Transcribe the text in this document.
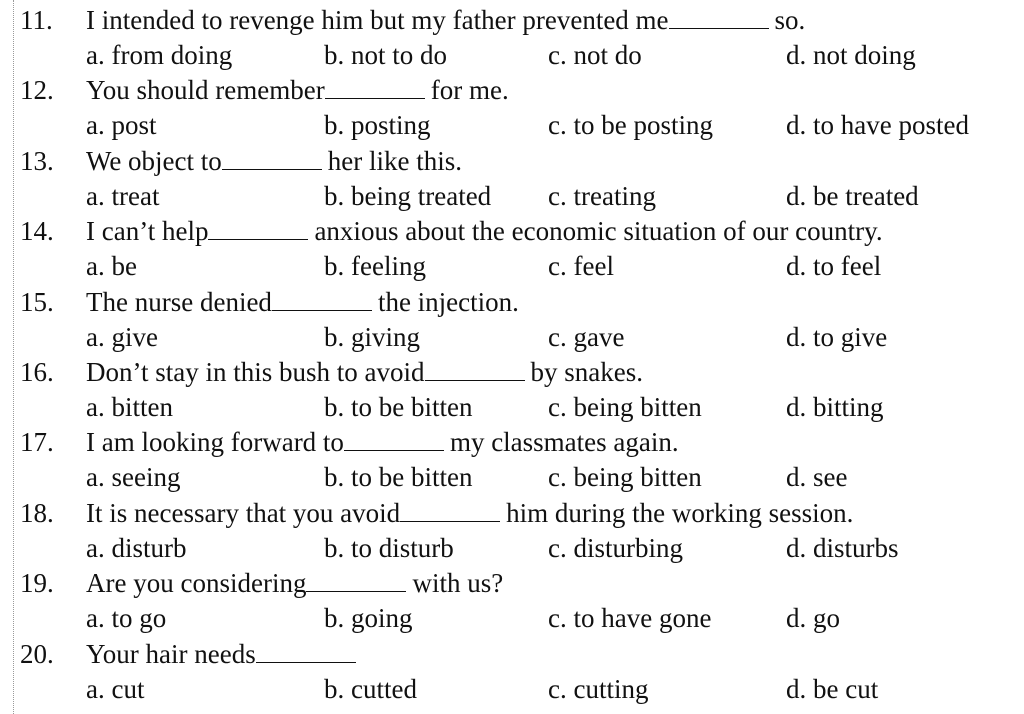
11. I intended to revenge him but my father prevented me	so.
a. from doing	b. not to do	c. not do	d. not doing
12. You should remember	for me.
a. post	b. posting	c. to be posting	d. to have posted
13. We object to	her like this.
a. treat	b. being treated c. treating	d. be treated
14. I can’t help	anxious about the economic situation of our country.
a. be	b. feeling	c. feel	d. to feel
15. The nurse denied	the injection.
a. give	b. giving	c. gave	d. to give
16. Don’t stay in this bush to avoid	by snakes.
a. bitten	b. to be bitten	c. being bitten	d. bitting
17. I am looking forward to	my classmates again.
a. seeing	b. to be bitten	c. being bitten	d. see
18. It is necessary that you avoid	him during the working session.
a. disturb	b. to disturb	c. disturbing	d. disturbs
19. Are you considering	with us?
a. to go	b. going	c. to have gone	d. go
20. Your hair needs
a. cut	b. cutted	c. cutting	d. be cut
